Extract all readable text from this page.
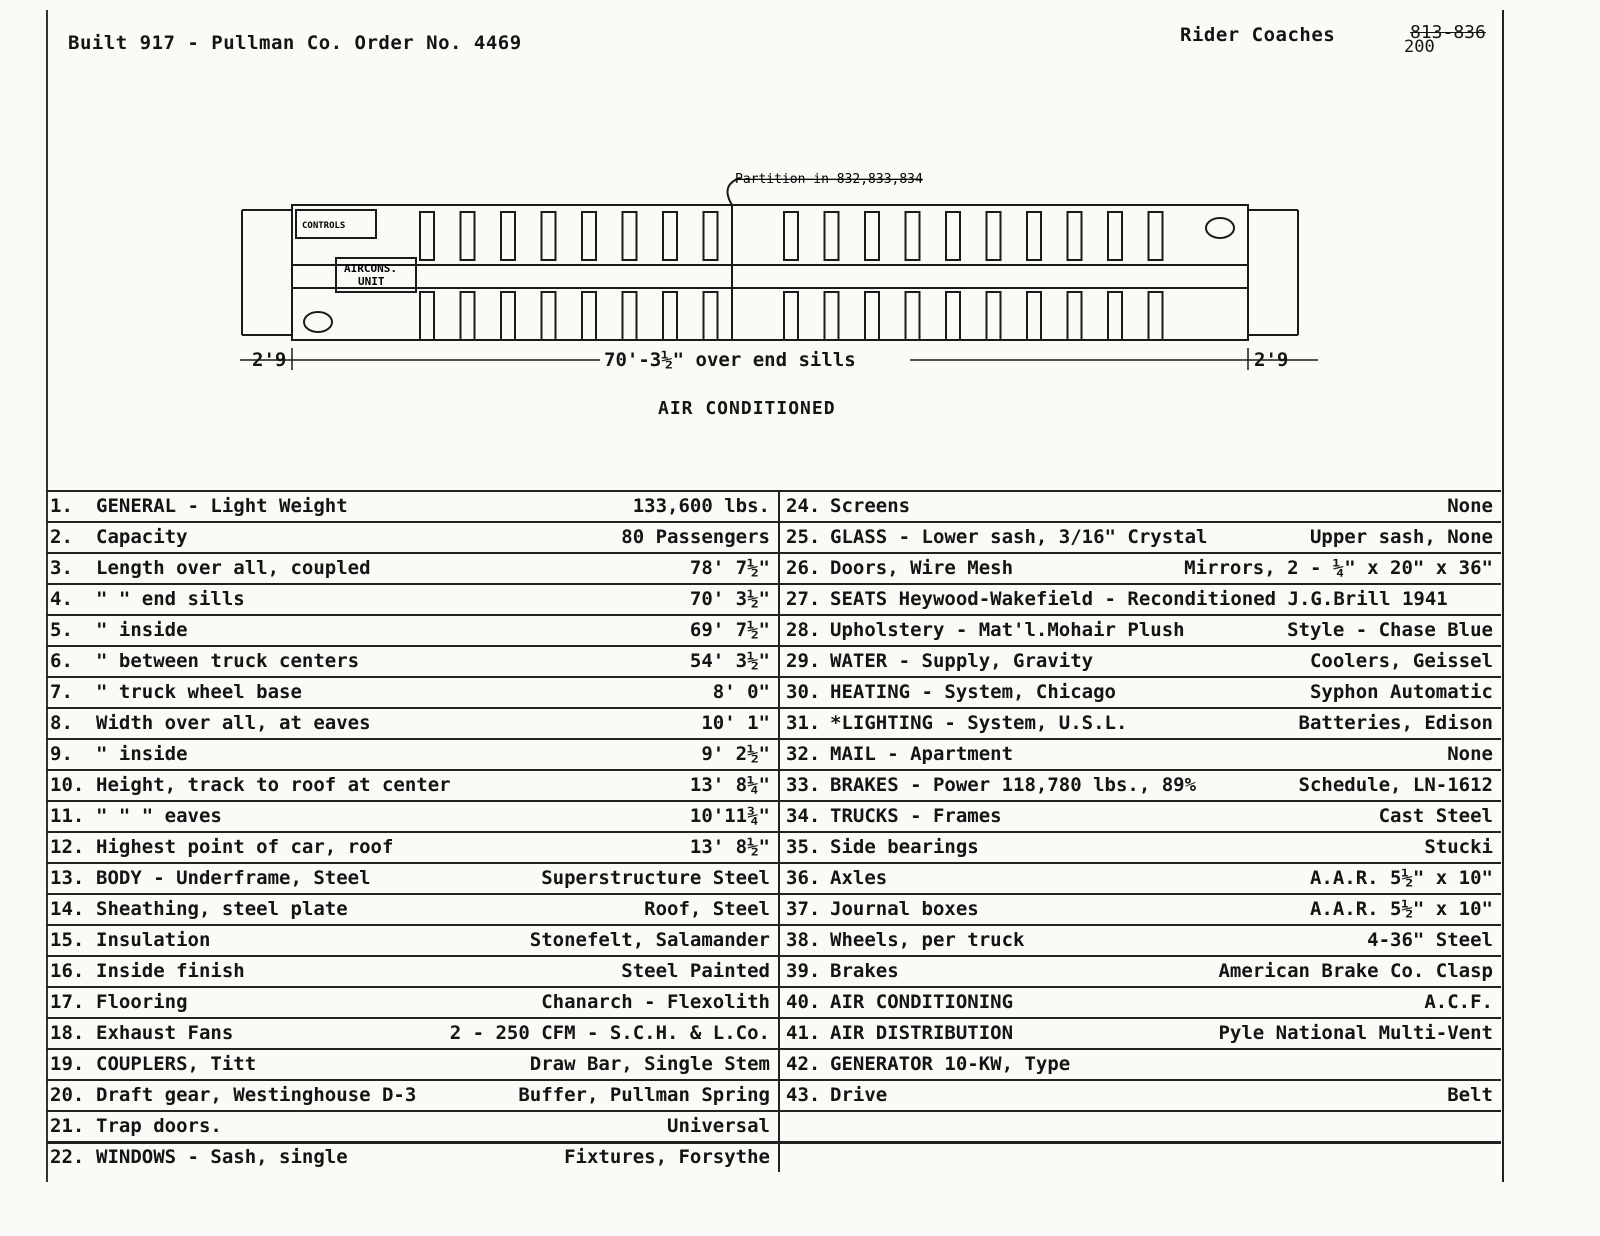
Built 917 - Pullman Co. Order No. 4469	Rider Coaches	813-836
200
CONTROLS
AIRCONS.
UNIT
Partition in 832,833,834
2'9	2'9
70'-3½" over end sills
AIR CONDITIONED
1.	GENERAL - Light Weight	133,600 lbs.
2.	Capacity	80 Passengers
3.	Length over all, coupled	78' 7½"
4.	" " end sills	70' 3½"
5.	" inside	69' 7½"
6.	" between truck centers	54' 3½"
7.	" truck wheel base	8' 0"
8.	Width over all, at eaves	10' 1"
9.	" inside	9' 2½"
10. Height, track to roof at center	13' 8¼"
11. " " " eaves	10'11¾"
12. Highest point of car, roof	13' 8½"
13. BODY - Underframe, Steel	Superstructure Steel
14. Sheathing, steel plate	Roof, Steel
15. Insulation	Stonefelt, Salamander
16. Inside finish	Steel Painted
17. Flooring	Chanarch - Flexolith
18. Exhaust Fans	2 - 250 CFM - S.C.H. & L.Co.
19. COUPLERS, Titt	Draw Bar, Single Stem
20. Draft gear, Westinghouse D-3	Buffer, Pullman Spring
21. Trap doors.	Universal
22. WINDOWS - Sash, single	Fixtures, Forsythe
24. Screens	None
25. GLASS - Lower sash, 3/16" Crystal	Upper sash, None
26. Doors, Wire Mesh	Mirrors, 2 - ¼" x 20" x 36"
27. SEATS Heywood-Wakefield - Reconditioned J.G.Brill 1941
28. Upholstery - Mat'l.Mohair Plush	Style - Chase Blue
29. WATER - Supply, Gravity	Coolers, Geissel
30. HEATING - System, Chicago	Syphon Automatic
31. *LIGHTING - System, U.S.L.	Batteries, Edison
32. MAIL - Apartment	None
33. BRAKES - Power 118,780 lbs., 89%	Schedule, LN-1612
34. TRUCKS - Frames	Cast Steel
35. Side bearings	Stucki
36. Axles	A.A.R. 5½" x 10"
37. Journal boxes	A.A.R. 5½" x 10"
38. Wheels, per truck	4-36" Steel
39. Brakes	American Brake Co. Clasp
40. AIR CONDITIONING	A.C.F.
41. AIR DISTRIBUTION	Pyle National Multi-Vent
42. GENERATOR 10-KW, Type
43. Drive	Belt
